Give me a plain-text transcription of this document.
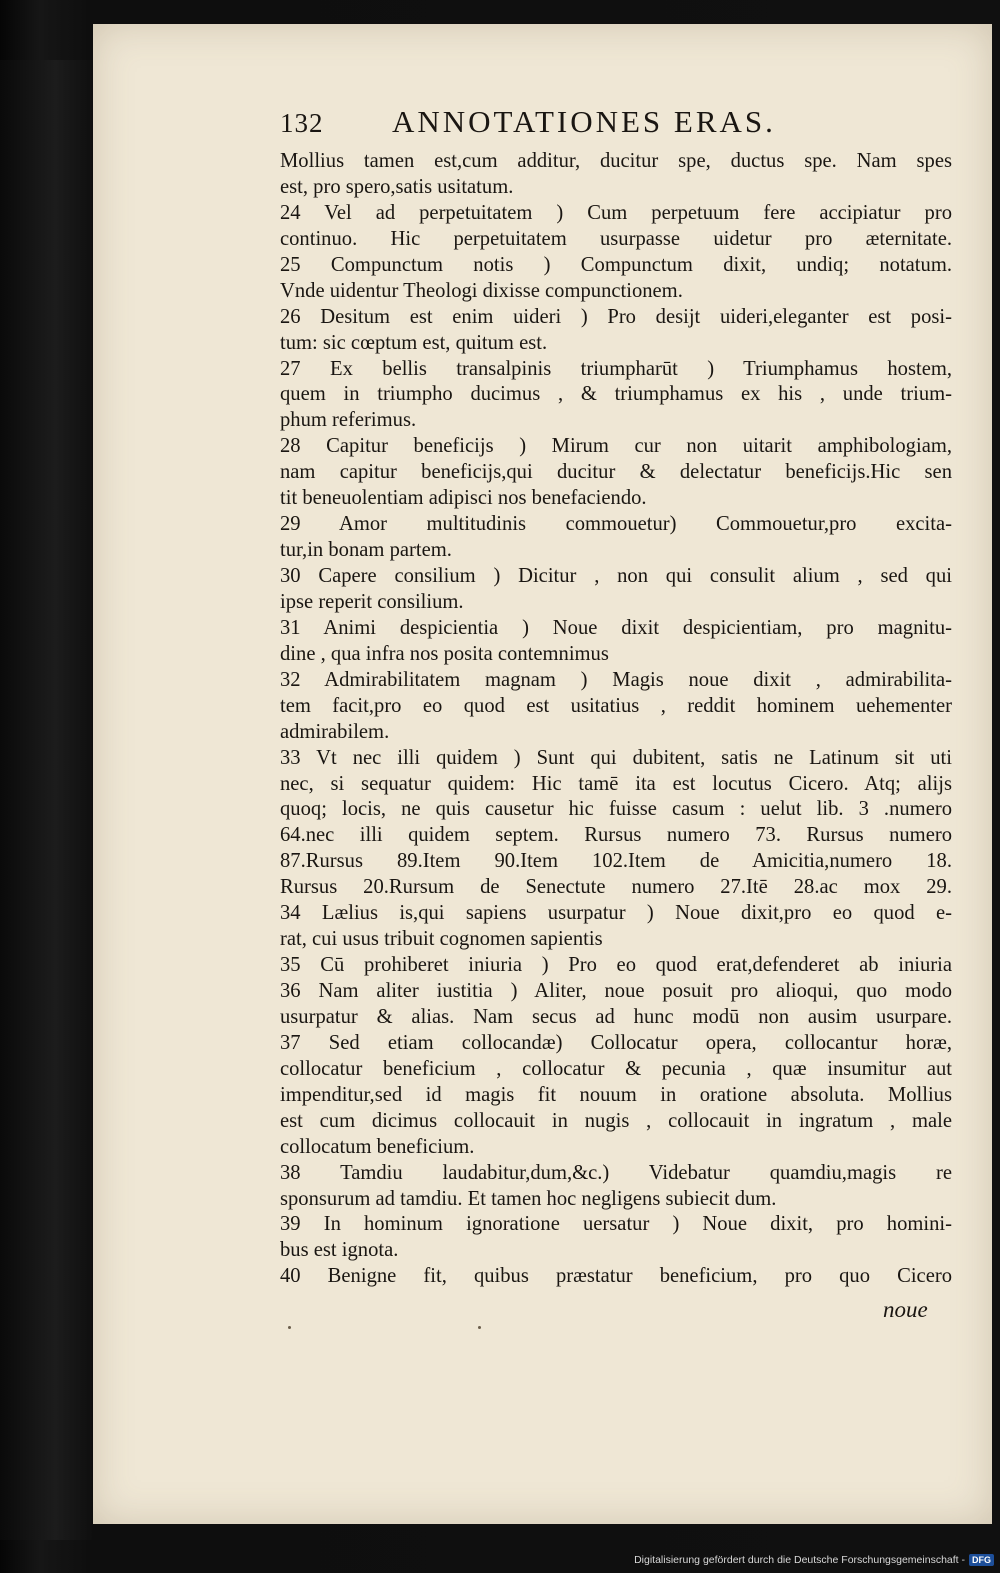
132 ANNOTATIONES ERAS.
Mollius tamen est,cum additur, ducitur spe, ductus spe. Nam spes
est, pro spero,satis usitatum.
24 Vel ad perpetuitatem ) Cum perpetuum fere accipiatur pro
continuo. Hic perpetuitatem usurpasse uidetur pro æternitate.
25 Compunctum notis ) Compunctum dixit, undiq; notatum.
Vnde uidentur Theologi dixisse compunctionem.
26 Desitum est enim uideri ) Pro desijt uideri,eleganter est posi-
tum: sic cœptum est, quitum est.
27 Ex bellis transalpinis triumpharūt ) Triumphamus hostem,
quem in triumpho ducimus , & triumphamus ex his , unde trium-
phum referimus.
28 Capitur beneficijs ) Mirum cur non uitarit amphibologiam,
nam capitur beneficijs,qui ducitur & delectatur beneficijs.Hic sen
tit beneuolentiam adipisci nos benefaciendo.
29 Amor multitudinis commouetur) Commouetur,pro excita-
tur,in bonam partem.
30 Capere consilium ) Dicitur , non qui consulit alium , sed qui
ipse reperit consilium.
31 Animi despicientia ) Noue dixit despicientiam, pro magnitu-
dine , qua infra nos posita contemnimus
32 Admirabilitatem magnam ) Magis noue dixit , admirabilita-
tem facit,pro eo quod est usitatius , reddit hominem uehementer
admirabilem.
33 Vt nec illi quidem ) Sunt qui dubitent, satis ne Latinum sit uti
nec, si sequatur quidem: Hic tamē ita est locutus Cicero. Atq; alijs
quoq; locis, ne quis causetur hic fuisse casum : uelut lib. 3 .numero
64.nec illi quidem septem. Rursus numero 73. Rursus numero
87.Rursus 89.Item 90.Item 102.Item de Amicitia,numero 18.
Rursus 20.Rursum de Senectute numero 27.Itē 28.ac mox 29.
34 Lælius is,qui sapiens usurpatur ) Noue dixit,pro eo quod e-
rat, cui usus tribuit cognomen sapientis
35 Cū prohiberet iniuria ) Pro eo quod erat,defenderet ab iniuria
36 Nam aliter iustitia ) Aliter, noue posuit pro alioqui, quo modo
usurpatur & alias. Nam secus ad hunc modū non ausim usurpare.
37 Sed etiam collocandæ) Collocatur opera, collocantur horæ,
collocatur beneficium , collocatur & pecunia , quæ insumitur aut
impenditur,sed id magis fit nouum in oratione absoluta. Mollius
est cum dicimus collocauit in nugis , collocauit in ingratum , male
collocatum beneficium.
38 Tamdiu laudabitur,dum,&c.) Videbatur quamdiu,magis re
sponsurum ad tamdiu. Et tamen hoc negligens subiecit dum.
39 In hominum ignoratione uersatur ) Noue dixit, pro homini-
bus est ignota.
40 Benigne fit, quibus præstatur beneficium, pro quo Cicero
noue
Digitalisierung gefördert durch die Deutsche Forschungsgemeinschaft - DFG
